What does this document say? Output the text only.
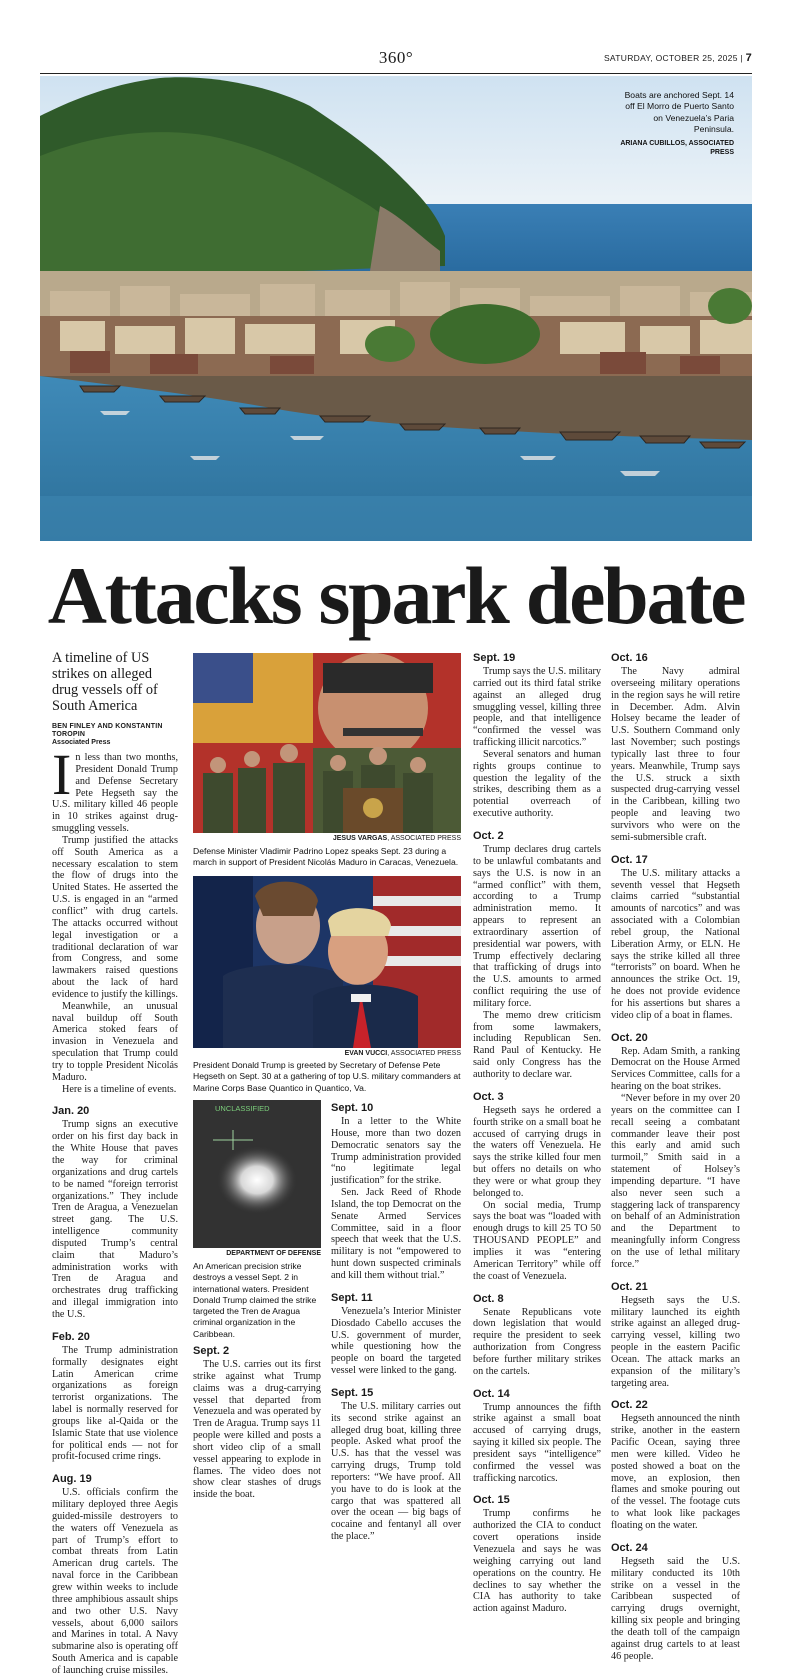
360°	SATURDAY, OCTOBER 25, 2025 | 7
Boats are anchored Sept. 14 off El Morro de Puerto Santo on Venezuela’s Paria Peninsula.
ARIANA CUBILLOS, ASSOCIATED PRESS
Attacks spark debate
A timeline of US strikes on alleged drug vessels off of South America
BEN FINLEY AND KONSTANTIN TOROPIN
Associated Press

In less than two months, President Donald Trump and Defense Secretary Pete Hegseth say the U.S. military killed 46 people in 10 strikes against drug-smuggling vessels.

Trump justified the attacks off South America as a necessary escalation to stem the flow of drugs into the United States. He asserted the U.S. is engaged in an “armed conflict” with drug cartels. The attacks occurred without legal investigation or a traditional declaration of war from Congress, and some lawmakers raised questions about the lack of hard evidence to justify the killings.

Meanwhile, an unusual naval buildup off South America stoked fears of invasion in Venezuela and speculation that Trump could try to topple President Nicolás Maduro.

Here is a timeline of events.

Jan. 20

Trump signs an executive order on his first day back in the White House that paves the way for criminal organizations and drug cartels to be named “foreign terrorist organizations.” They include Tren de Aragua, a Venezuelan street gang. The U.S. intelligence community disputed Trump’s central claim that Maduro’s administration works with Tren de Aragua and orchestrates drug trafficking and illegal immigration into the U.S.

Feb. 20

The Trump administration formally designates eight Latin American crime organizations as foreign terrorist organizations. The label is normally reserved for groups like al-Qaida or the Islamic State that use violence for political ends — not for profit-focused crime rings.

Aug. 19

U.S. officials confirm the military deployed three Aegis guided-missile destroyers to the waters off Venezuela as part of Trump’s effort to combat threats from Latin American drug cartels. The naval force in the Caribbean grew within weeks to include three amphibious assault ships and two other U.S. Navy vessels, about 6,000 sailors and Marines in total. A Navy submarine also is operating off South America and is capable of launching cruise missiles.

JESUS VARGAS, ASSOCIATED PRESS
Defense Minister Vladimir Padrino Lopez speaks Sept. 23 during a march in support of President Nicolás Maduro in Caracas, Venezuela.
EVAN VUCCI, ASSOCIATED PRESS
President Donald Trump is greeted by Secretary of Defense Pete Hegseth on Sept. 30 at a gathering of top U.S. military commanders at Marine Corps Base Quantico in Quantico, Va.
UNCLASSIFIED
DEPARTMENT OF DEFENSE
An American precision strike destroys a vessel Sept. 2 in international waters. President Donald Trump claimed the strike targeted the Tren de Aragua criminal organization in the Caribbean.
Sept. 2

The U.S. carries out its first strike against what Trump claims was a drug-carrying vessel that departed from Venezuela and was operated by Tren de Aragua. Trump says 11 people were killed and posts a short video clip of a small vessel appearing to explode in flames. The video does not show clear stashes of drugs inside the boat.

Sept. 10

In a letter to the White House, more than two dozen Democratic senators say the Trump administration provided “no legitimate legal justification” for the strike.

Sen. Jack Reed of Rhode Island, the top Democrat on the Senate Armed Services Committee, said in a floor speech that week that the U.S. military is not “empowered to hunt down suspected criminals and kill them without trial.”

Sept. 11

Venezuela’s Interior Minister Diosdado Cabello accuses the U.S. government of murder, while questioning how the people on board the targeted vessel were linked to the gang.

Sept. 15

The U.S. military carries out its second strike against an alleged drug boat, killing three people. Asked what proof the U.S. has that the vessel was carrying drugs, Trump told reporters: “We have proof. All you have to do is look at the cargo that was spattered all over the ocean — big bags of cocaine and fentanyl all over the place.”

Sept. 19

Trump says the U.S. military carried out its third fatal strike against an alleged drug smuggling vessel, killing three people, and that intelligence “confirmed the vessel was trafficking illicit narcotics.”

Several senators and human rights groups continue to question the legality of the strikes, describing them as a potential overreach of executive authority.

Oct. 2

Trump declares drug cartels to be unlawful combatants and says the U.S. is now in an “armed conflict” with them, according to a Trump administration memo. It appears to represent an extraordinary assertion of presidential war powers, with Trump effectively declaring that trafficking of drugs into the U.S. amounts to armed conflict requiring the use of military force.

The memo drew criticism from some lawmakers, including Republican Sen. Rand Paul of Kentucky. He said only Congress has the authority to declare war.

Oct. 3

Hegseth says he ordered a fourth strike on a small boat he accused of carrying drugs in the waters off Venezuela. He says the strike killed four men but offers no details on who they were or what group they belonged to.

On social media, Trump says the boat was “loaded with enough drugs to kill 25 TO 50 THOUSAND PEOPLE” and implies it was “entering American Territory” while off the coast of Venezuela.

Oct. 8

Senate Republicans vote down legislation that would require the president to seek authorization from Congress before further military strikes on the cartels.

Oct. 14

Trump announces the fifth strike against a small boat accused of carrying drugs, saying it killed six people. The president says “intelligence” confirmed the vessel was trafficking narcotics.

Oct. 15

Trump confirms he authorized the CIA to conduct covert operations inside Venezuela and says he was weighing carrying out land operations on the country. He declines to say whether the CIA has authority to take action against Maduro.

Oct. 16

The Navy admiral overseeing military operations in the region says he will retire in December. Adm. Alvin Holsey became the leader of U.S. Southern Command only last November; such postings typically last three to four years. Meanwhile, Trump says the U.S. struck a sixth suspected drug-carrying vessel in the Caribbean, killing two people and leaving two survivors who were on the semi-submersible craft.

Oct. 17

The U.S. military attacks a seventh vessel that Hegseth claims carried “substantial amounts of narcotics” and was associated with a Colombian rebel group, the National Liberation Army, or ELN. He says the strike killed all three “terrorists” on board. When he announces the strike Oct. 19, he does not provide evidence for his assertions but shares a video clip of a boat in flames.

Oct. 20

Rep. Adam Smith, a ranking Democrat on the House Armed Services Committee, calls for a hearing on the boat strikes.

“Never before in my over 20 years on the committee can I recall seeing a combatant commander leave their post this early and amid such turmoil,” Smith said in a statement of Holsey’s impending departure. “I have also never seen such a staggering lack of transparency on behalf of an Administration and the Department to meaningfully inform Congress on the use of lethal military force.”

Oct. 21

Hegseth says the U.S. military launched its eighth strike against an alleged drug-carrying vessel, killing two people in the eastern Pacific Ocean. The attack marks an expansion of the military’s targeting area.

Oct. 22

Hegseth announced the ninth strike, another in the eastern Pacific Ocean, saying three men were killed. Video he posted showed a boat on the move, an explosion, then flames and smoke pouring out of the vessel. The footage cuts to what look like packages floating on the water.

Oct. 24

Hegseth said the U.S. military conducted its 10th strike on a vessel in the Caribbean suspected of carrying drugs overnight, killing six people and bringing the death toll of the campaign against drug cartels to at least 46 people.
